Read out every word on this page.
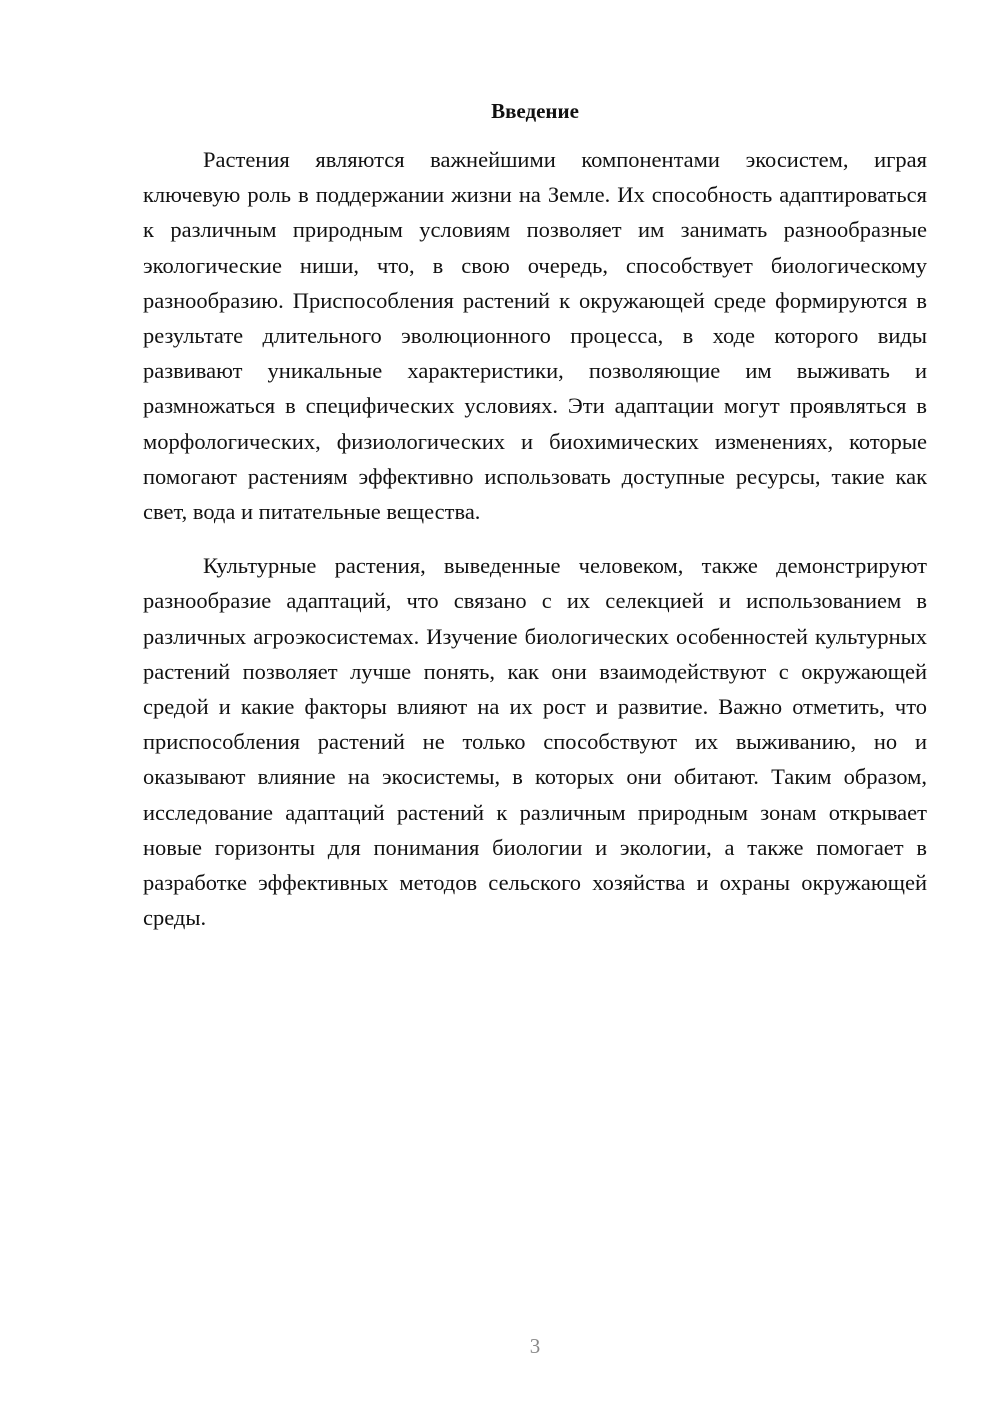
Введение

Растения являются важнейшими компонентами экосистем, играя ключевую роль в поддержании жизни на Земле. Их способность адаптироваться к различным природным условиям позволяет им занимать разнообразные экологические ниши, что, в свою очередь, способствует биологическому разнообразию. Приспособления растений к окружающей среде формируются в результате длительного эволюционного процесса, в ходе которого виды развивают уникальные характеристики, позволяющие им выживать и размножаться в специфических условиях. Эти адаптации могут проявляться в морфологических, физиологических и биохимических изменениях, которые помогают растениям эффективно использовать доступные ресурсы, такие как свет, вода и питательные вещества.

Культурные растения, выведенные человеком, также демонстрируют разнообразие адаптаций, что связано с их селекцией и использованием в различных агроэкосистемах. Изучение биологических особенностей культурных растений позволяет лучше понять, как они взаимодействуют с окружающей средой и какие факторы влияют на их рост и развитие. Важно отметить, что приспособления растений не только способствуют их выживанию, но и оказывают влияние на экосистемы, в которых они обитают. Таким образом, исследование адаптаций растений к различным природным зонам открывает новые горизонты для понимания биологии и экологии, а также помогает в разработке эффективных методов сельского хозяйства и охраны окружающей среды.

3
